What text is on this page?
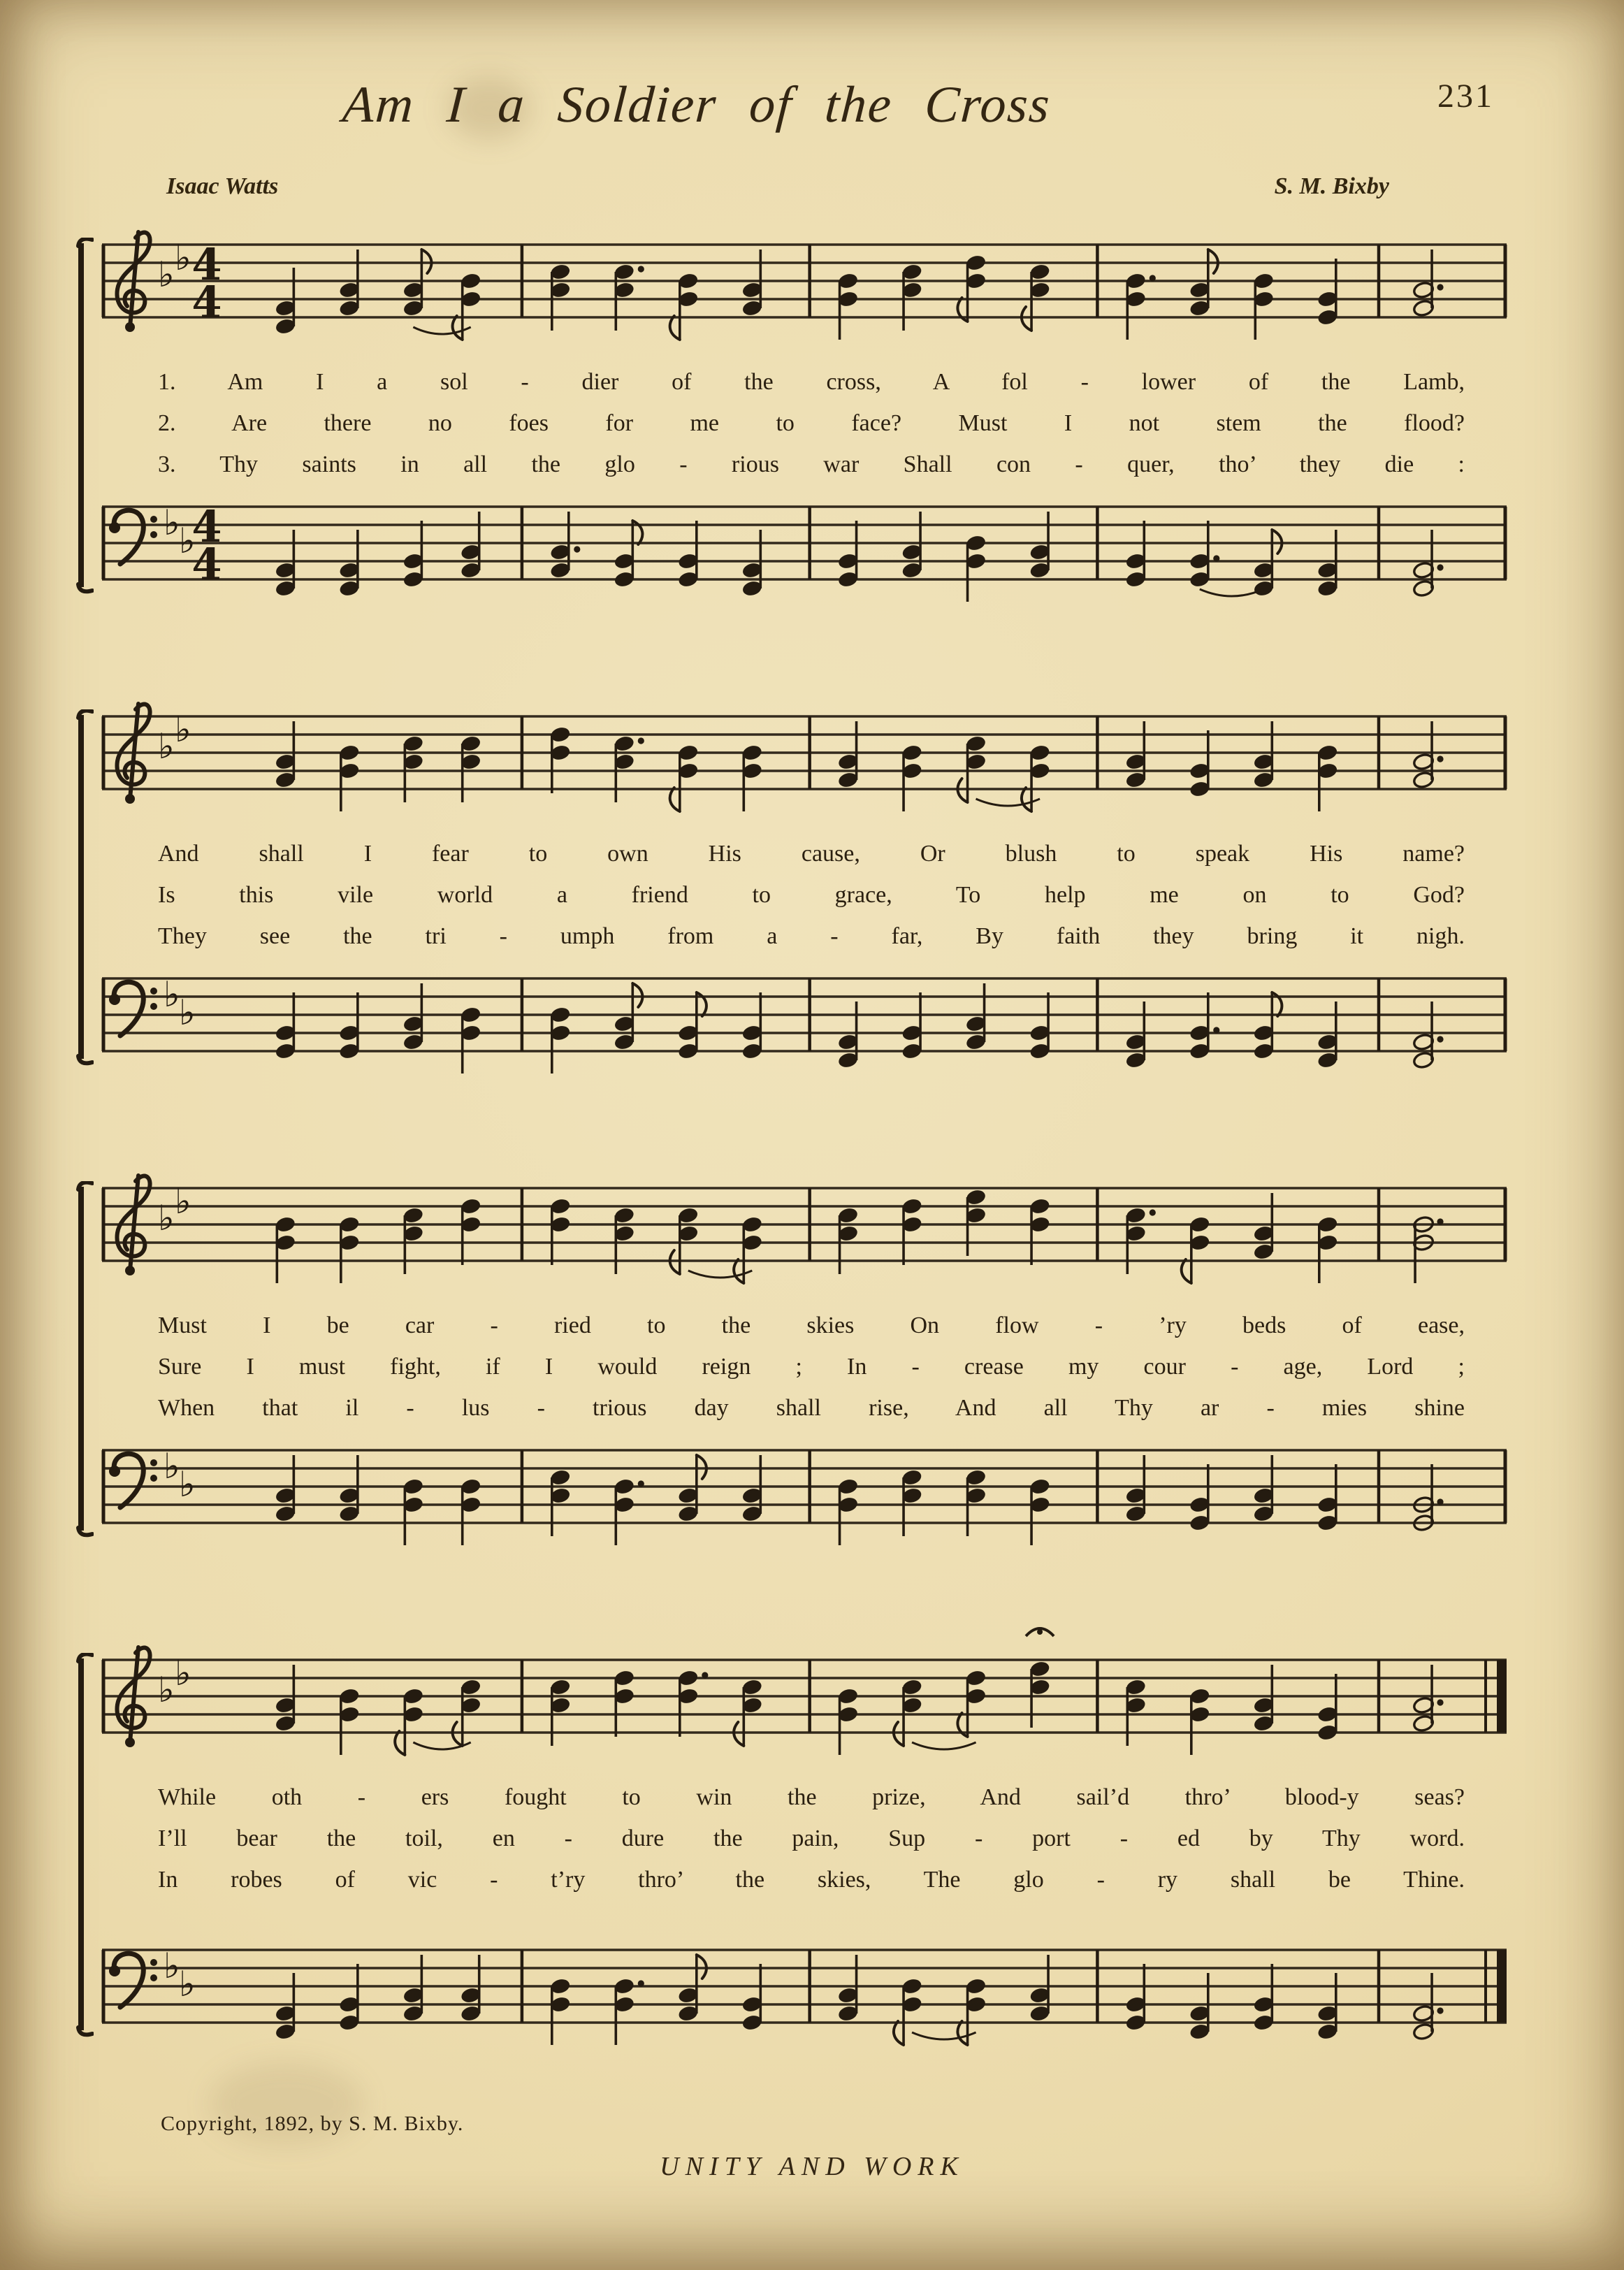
Am I a Soldier of the Cross	231
Isaac Watts	S. M. Bixby
♭ ♭ 4
4

1. Am I a sol - dier of the cross, A fol - lower of the Lamb,

2. Are there no foes for me to face? Must I not stem the flood?

3. Thy saints in all the glo - rious war Shall con - quer, tho’ they die :

♭
♭
4
4
♭ ♭

And shall I fear to own His cause, Or blush to speak His name?

Is this vile world a friend to grace, To help me on to God?

They see the tri - umph from a - far, By faith they bring it nigh.

♭
♭
♭ ♭

Must I be car - ried to the skies On flow - ’ry beds of ease,

Sure I must fight, if I would reign ; In - crease my cour - age, Lord ;

When that il - lus - trious day shall rise, And all Thy ar - mies shine

♭
♭
♭ ♭

While oth - ers fought to win the prize, And sail’d thro’ blood-y seas?

I’ll bear the toil, en - dure the pain, Sup - port - ed by Thy word.

In robes of vic - t’ry thro’ the skies, The glo - ry shall be Thine.

♭
♭
Copyright, 1892, by S. M. Bixby.
UNITY AND WORK
